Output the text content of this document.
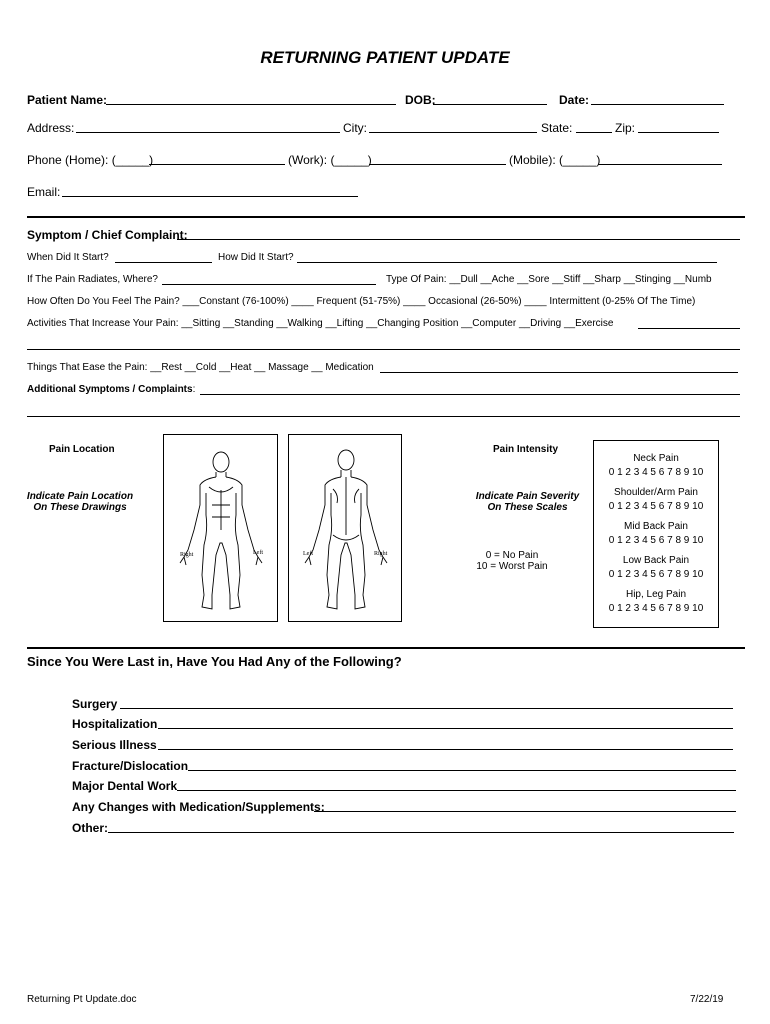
RETURNING PATIENT UPDATE
Patient Name:	DOB:	Date:
Address:	City:	State:	Zip:
Phone (Home): (_____)	(Work): (_____)	(Mobile): (_____)
Email:
Symptom / Chief Complaint:
When Did It Start?	How Did It Start?
If The Pain Radiates, Where?	Type Of Pain: __Dull __Ache __Sore __Stiff __Sharp __Stinging __Numb
How Often Do You Feel The Pain? ___Constant (76-100%) ____ Frequent (51-75%) ____ Occasional (26-50%) ____ Intermittent (0-25% Of The Time)
Activities That Increase Your Pain: __Sitting __Standing __Walking __Lifting __Changing Position __Computer __Driving __Exercise
Things That Ease the Pain: __Rest __Cold __Heat __ Massage __ Medication
Additional Symptoms / Complaints:
Pain Location
Indicate Pain Location
On These Drawings
Right	Left	Left	Right
Pain Intensity
Indicate Pain Severity
On These Scales
0 = No Pain
10 = Worst Pain
Neck Pain
0 1 2 3 4 5 6 7 8 9 10
Shoulder/Arm Pain
0 1 2 3 4 5 6 7 8 9 10
Mid Back Pain
0 1 2 3 4 5 6 7 8 9 10
Low Back Pain
0 1 2 3 4 5 6 7 8 9 10
Hip, Leg Pain
0 1 2 3 4 5 6 7 8 9 10
Since You Were Last in, Have You Had Any of the Following?
Surgery
Hospitalization
Serious Illness
Fracture/Dislocation
Major Dental Work
Any Changes with Medication/Supplements:
Other:
Returning Pt Update.doc	7/22/19
